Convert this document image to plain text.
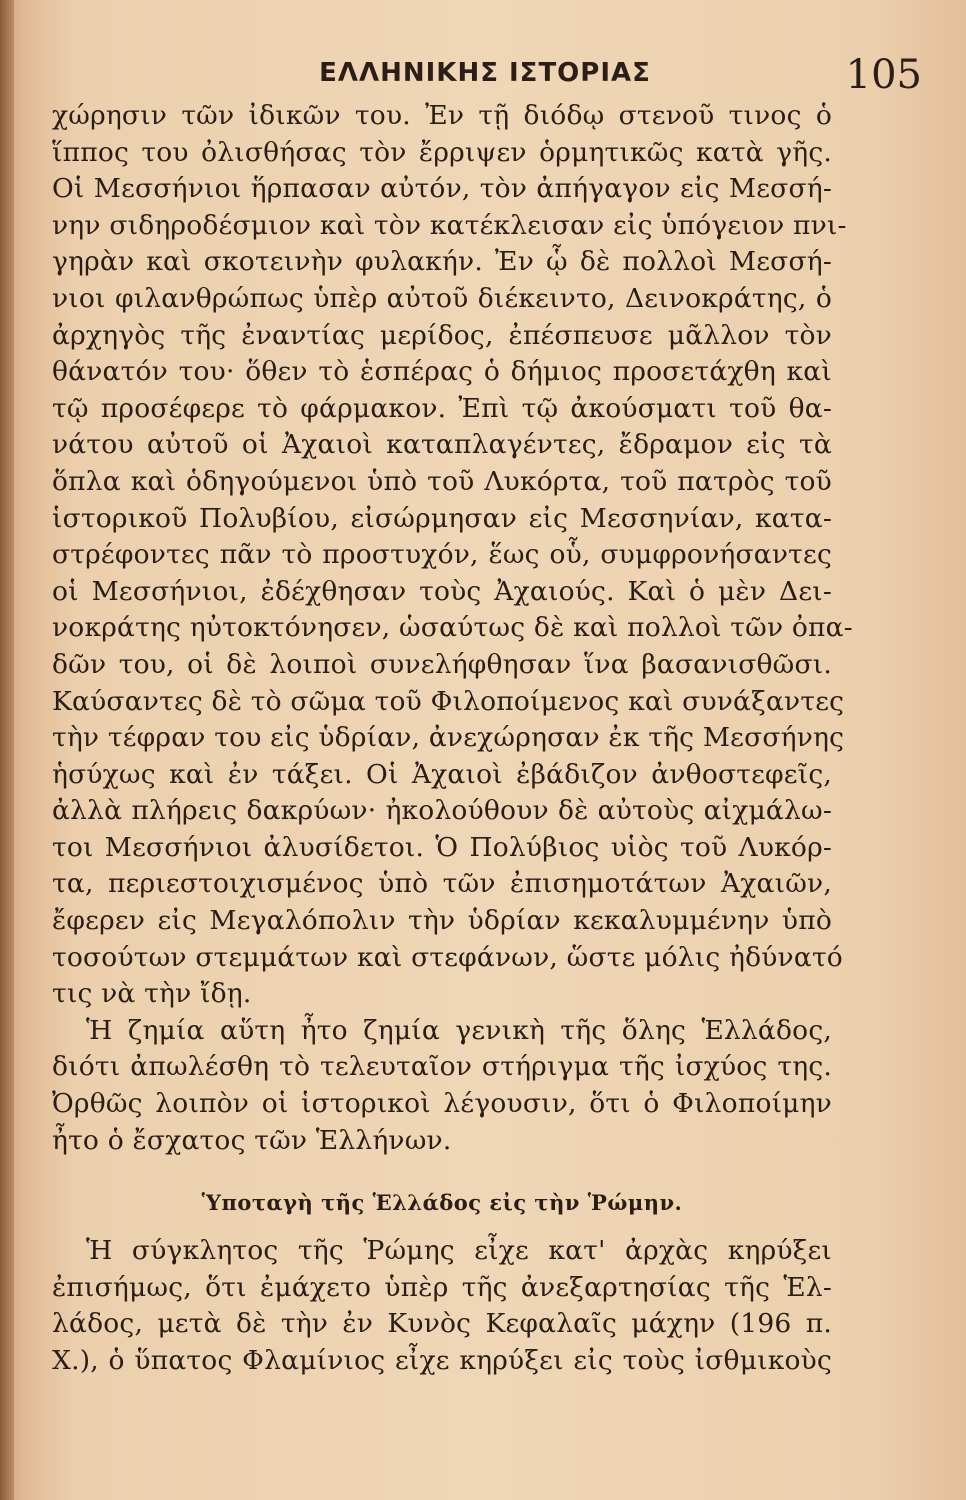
ΕΛΛΗΝΙΚΗΣ ΙΣΤΟΡΙΑΣ	105
χώρησιν τῶν ἰδικῶν του. Ἐν τῇ διόδῳ στενοῦ τινος ὁ
ἵππος του ὀλισθήσας τὸν ἔρριψεν ὁρμητικῶς κατὰ γῆς.
Οἱ Μεσσήνιοι ἥρπασαν αὐτόν, τὸν ἀπήγαγον εἰς Μεσσή-
νην σιδηροδέσμιον καὶ τὸν κατέκλεισαν εἰς ὑπόγειον πνι-
γηρὰν καὶ σκοτεινὴν φυλακήν. Ἐν ᾧ δὲ πολλοὶ Μεσσή-
νιοι φιλανθρώπως ὑπὲρ αὐτοῦ διέκειντο, Δεινοκράτης, ὁ
ἀρχηγὸς τῆς ἐναντίας μερίδος, ἐπέσπευσε μᾶλλον τὸν
θάνατόν του· ὅθεν τὸ ἑσπέρας ὁ δήμιος προσετάχθη καὶ
τῷ προσέφερε τὸ φάρμακον. Ἐπὶ τῷ ἀκούσματι τοῦ θα-
νάτου αὐτοῦ οἱ Ἀχαιοὶ καταπλαγέντες, ἔδραμον εἰς τὰ
ὅπλα καὶ ὁδηγούμενοι ὑπὸ τοῦ Λυκόρτα, τοῦ πατρὸς τοῦ
ἱστορικοῦ Πολυβίου, εἰσώρμησαν εἰς Μεσσηνίαν, κατα-
στρέφοντες πᾶν τὸ προστυχόν, ἕως οὗ, συμφρονήσαντες
οἱ Μεσσήνιοι, ἐδέχθησαν τοὺς Ἀχαιούς. Καὶ ὁ μὲν Δει-
νοκράτης ηὐτοκτόνησεν, ὡσαύτως δὲ καὶ πολλοὶ τῶν ὀπα-
δῶν του, οἱ δὲ λοιποὶ συνελήφθησαν ἵνα βασανισθῶσι.
Καύσαντες δὲ τὸ σῶμα τοῦ Φιλοποίμενος καὶ συνάξαντες
τὴν τέφραν του εἰς ὑδρίαν, ἀνεχώρησαν ἐκ τῆς Μεσσήνης
ἡσύχως καὶ ἐν τάξει. Οἱ Ἀχαιοὶ ἐβάδιζον ἀνθοστεφεῖς,
ἀλλὰ πλήρεις δακρύων· ἠκολούθουν δὲ αὐτοὺς αἰχμάλω-
τοι Μεσσήνιοι ἀλυσίδετοι. Ὁ Πολύβιος υἱὸς τοῦ Λυκόρ-
τα, περιεστοιχισμένος ὑπὸ τῶν ἐπισημοτάτων Ἀχαιῶν,
ἔφερεν εἰς Μεγαλόπολιν τὴν ὑδρίαν κεκαλυμμένην ὑπὸ
τοσούτων στεμμάτων καὶ στεφάνων, ὥστε μόλις ἠδύνατό
τις νὰ τὴν ἴδῃ.
Ἡ ζημία αὕτη ἦτο ζημία γενικὴ τῆς ὅλης Ἑλλάδος,
διότι ἀπωλέσθη τὸ τελευταῖον στήριγμα τῆς ἰσχύος της.
Ὀρθῶς λοιπὸν οἱ ἱστορικοὶ λέγουσιν, ὅτι ὁ Φιλοποίμην
ἦτο ὁ ἔσχατος τῶν Ἑλλήνων.
Ὑποταγὴ τῆς Ἑλλάδος εἰς τὴν Ῥώμην.
Ἡ σύγκλητος τῆς Ῥώμης εἶχε κατ' ἀρχὰς κηρύξει
ἐπισήμως, ὅτι ἐμάχετο ὑπὲρ τῆς ἀνεξαρτησίας τῆς Ἑλ-
λάδος, μετὰ δὲ τὴν ἐν Κυνὸς Κεφαλαῖς μάχην (196 π.
Χ.), ὁ ὕπατος Φλαμίνιος εἶχε κηρύξει εἰς τοὺς ἰσθμικοὺς
